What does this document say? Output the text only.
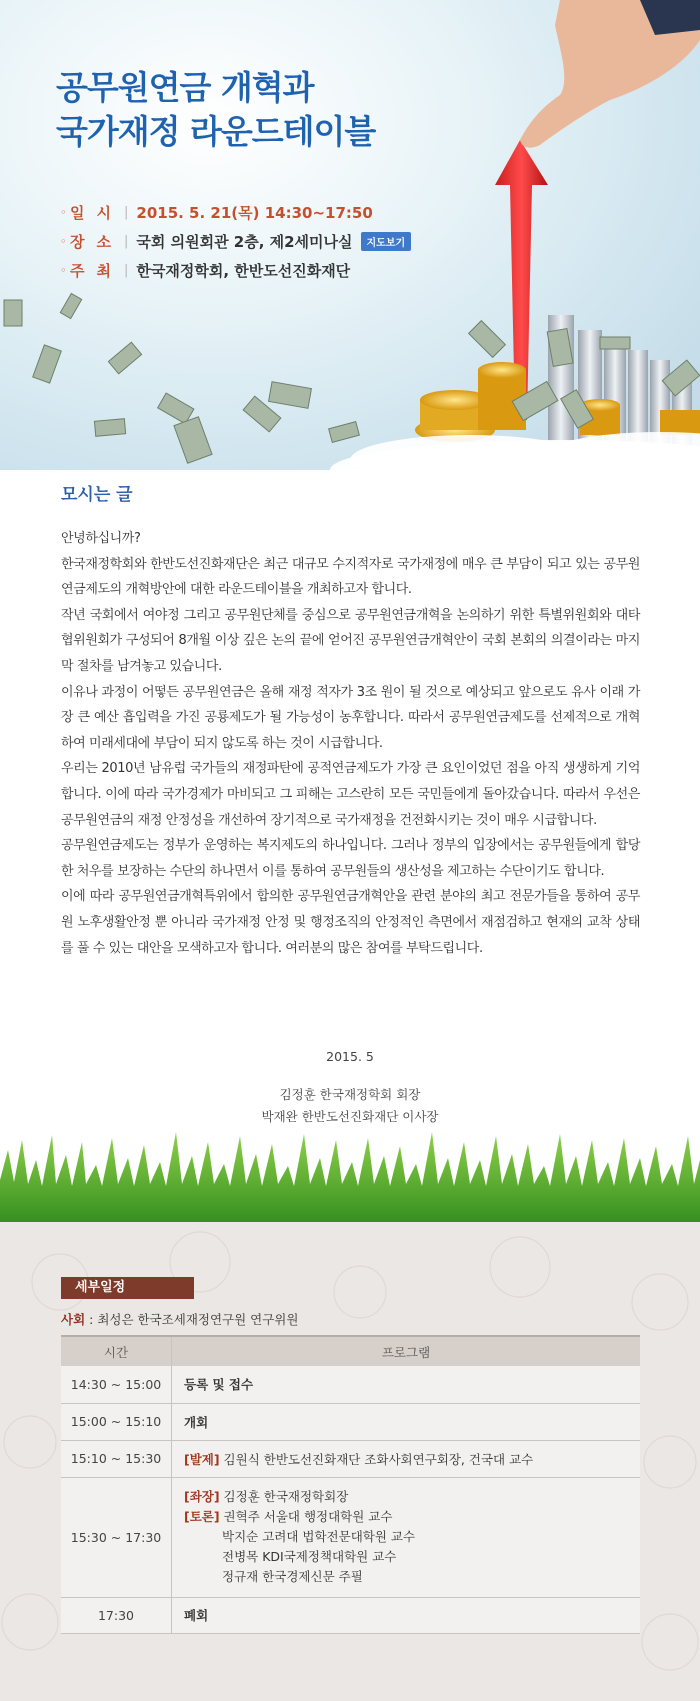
공무원연금 개혁과
국가재정 라운드테이블
◦ 일시 | 2015. 5. 21(목) 14:30~17:50
◦ 장소 | 국회 의원회관 2층, 제2세미나실	지도보기
◦ 주최 | 한국재정학회, 한반도선진화재단
모시는 글

안녕하십니까?

한국재정학회와 한반도선진화재단은 최근 대규모 수지적자로 국가재정에 매우 큰 부담이 되고 있는 공무원연금제도의 개혁방안에 대한 라운드테이블을 개최하고자 합니다.

작년 국회에서 여야정 그리고 공무원단체를 중심으로 공무원연금개혁을 논의하기 위한 특별위원회와 대타협위원회가 구성되어 8개월 이상 깊은 논의 끝에 얻어진 공무원연금개혁안이 국회 본회의 의결이라는 마지막 절차를 남겨놓고 있습니다.

이유나 과정이 어떻든 공무원연금은 올해 재정 적자가 3조 원이 될 것으로 예상되고 앞으로도 유사 이래 가장 큰 예산 흡입력을 가진 공룡제도가 될 가능성이 농후합니다. 따라서 공무원연금제도를 선제적으로 개혁하여 미래세대에 부담이 되지 않도록 하는 것이 시급합니다.

우리는 2010년 남유럽 국가들의 재정파탄에 공적연금제도가 가장 큰 요인이었던 점을 아직 생생하게 기억합니다. 이에 따라 국가경제가 마비되고 그 피해는 고스란히 모든 국민들에게 돌아갔습니다. 따라서 우선은 공무원연금의 재정 안정성을 개선하여 장기적으로 국가재정을 건전화시키는 것이 매우 시급합니다.

공무원연금제도는 정부가 운영하는 복지제도의 하나입니다. 그러나 정부의 입장에서는 공무원들에게 합당한 처우를 보장하는 수단의 하나면서 이를 통하여 공무원들의 생산성을 제고하는 수단이기도 합니다.

이에 따라 공무원연금개혁특위에서 합의한 공무원연금개혁안을 관련 분야의 최고 전문가들을 통하여 공무원 노후생활안정 뿐 아니라 국가재정 안정 및 행정조직의 안정적인 측면에서 재점검하고 현재의 교착 상태를 풀 수 있는 대안을 모색하고자 합니다. 여러분의 많은 참여를 부탁드립니다.

2015. 5
김정훈 한국재정학회 회장
박재완 한반도선진화재단 이사장
세부일정
사회 : 최성은 한국조세재정연구원 연구위원
시간	프로그램
14:30 ~ 15:00	등록 및 접수
15:00 ~ 15:10	개회
15:10 ~ 15:30	[발제] 김원식 한반도선진화재단 조화사회연구회장, 건국대 교수
15:30 ~ 17:30	[좌장] 김정훈 한국재정학회장
[토론] 권혁주 서울대 행정대학원 교수
박지순 고려대 법학전문대학원 교수
전병목 KDI국제정책대학원 교수
정규재 한국경제신문 주필

17:30	폐회
